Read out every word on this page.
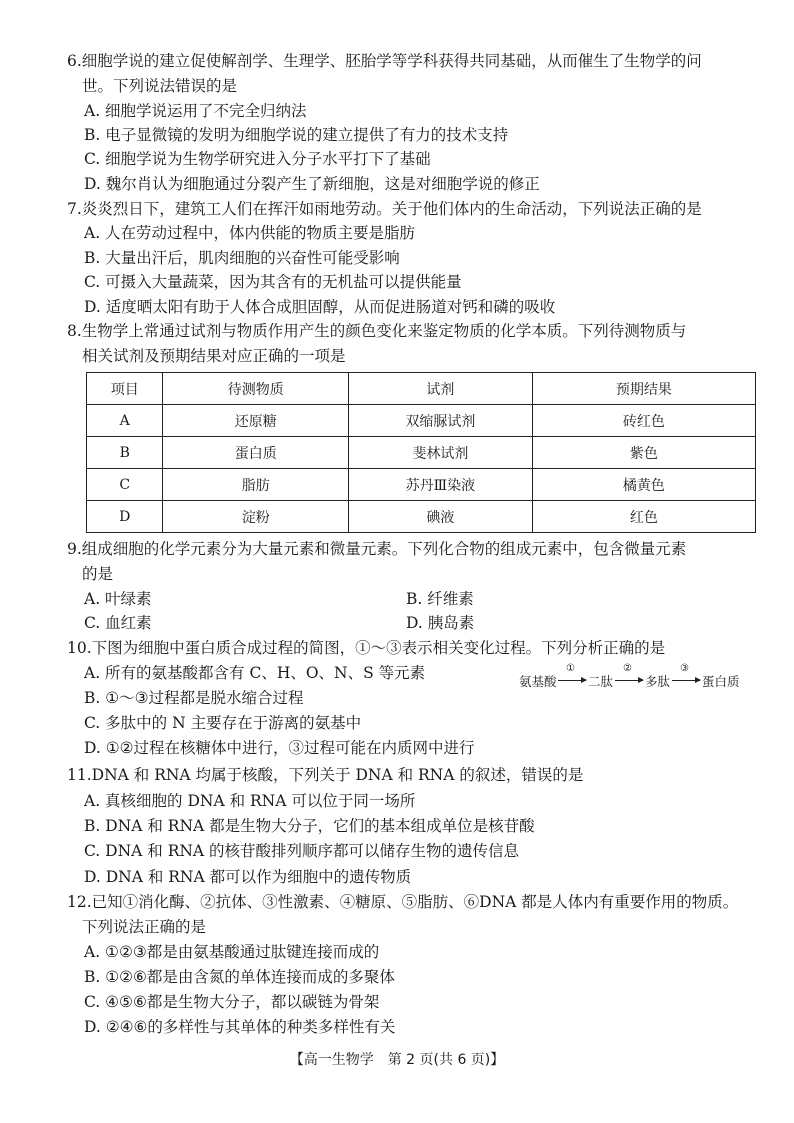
6.细胞学说的建立促使解剖学、生理学、胚胎学等学科获得共同基础，从而催生了生物学的问
世。下列说法错误的是
A. 细胞学说运用了不完全归纳法
B. 电子显微镜的发明为细胞学说的建立提供了有力的技术支持
C. 细胞学说为生物学研究进入分子水平打下了基础
D. 魏尔肖认为细胞通过分裂产生了新细胞，这是对细胞学说的修正
7.炎炎烈日下，建筑工人们在挥汗如雨地劳动。关于他们体内的生命活动，下列说法正确的是
A. 人在劳动过程中，体内供能的物质主要是脂肪
B. 大量出汗后，肌肉细胞的兴奋性可能受影响
C. 可摄入大量蔬菜，因为其含有的无机盐可以提供能量
D. 适度晒太阳有助于人体合成胆固醇，从而促进肠道对钙和磷的吸收
8.生物学上常通过试剂与物质作用产生的颜色变化来鉴定物质的化学本质。下列待测物质与
相关试剂及预期结果对应正确的一项是
项目	待测物质	试剂	预期结果
A	还原糖	双缩脲试剂	砖红色
B	蛋白质	斐林试剂	紫色
C	脂肪	苏丹Ⅲ染液	橘黄色
D	淀粉	碘液	红色
9.组成细胞的化学元素分为大量元素和微量元素。下列化合物的组成元素中，包含微量元素
的是
A. 叶绿素	B. 纤维素
C. 血红素	D. 胰岛素
10.下图为细胞中蛋白质合成过程的简图，①～③表示相关变化过程。下列分析正确的是
A. 所有的氨基酸都含有 C、H、O、N、S 等元素
B. ①～③过程都是脱水缩合过程
C. 多肽中的 N 主要存在于游离的氨基中
D. ①②过程在核糖体中进行，③过程可能在内质网中进行
氨基酸
①
二肽
②
多肽
③
蛋白质
11.DNA 和 RNA 均属于核酸，下列关于 DNA 和 RNA 的叙述，错误的是
A. 真核细胞的 DNA 和 RNA 可以位于同一场所
B. DNA 和 RNA 都是生物大分子，它们的基本组成单位是核苷酸
C. DNA 和 RNA 的核苷酸排列顺序都可以储存生物的遗传信息
D. DNA 和 RNA 都可以作为细胞中的遗传物质
12.已知①消化酶、②抗体、③性激素、④糖原、⑤脂肪、⑥DNA 都是人体内有重要作用的物质。
下列说法正确的是
A. ①②③都是由氨基酸通过肽键连接而成的
B. ①②⑥都是由含氮的单体连接而成的多聚体
C. ④⑤⑥都是生物大分子，都以碳链为骨架
D. ②④⑥的多样性与其单体的种类多样性有关
【高一生物学　第 2 页(共 6 页)】
